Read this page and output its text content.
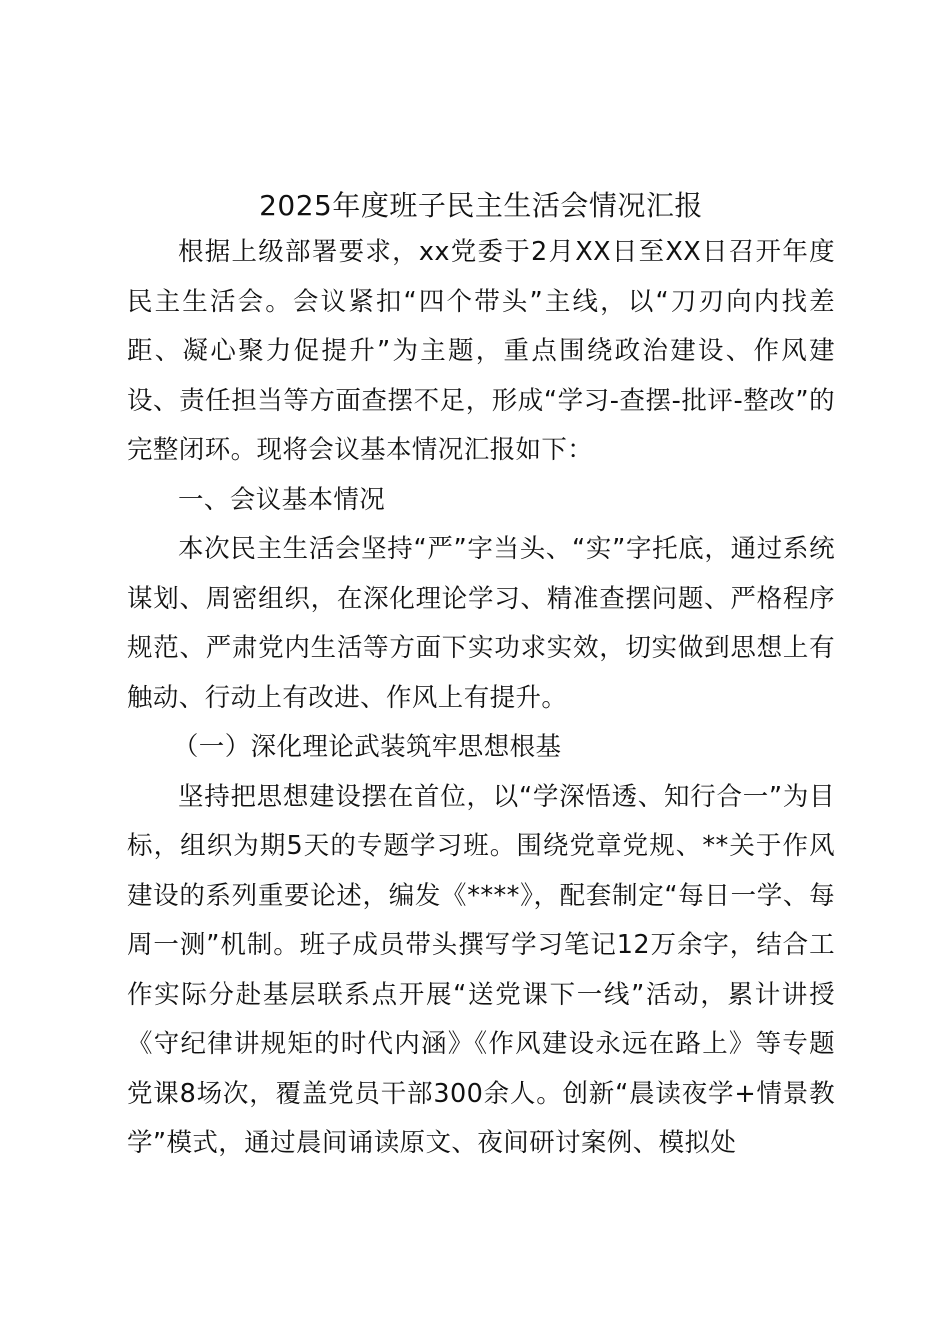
2025年度班子民主生活会情况汇报

根据上级部署要求，xx党委于2月XX日至XX日召开年度民主生活会。会议紧扣“四个带头”主线，以“刀刃向内找差距、凝心聚力促提升”为主题，重点围绕政治建设、作风建设、责任担当等方面查摆不足，形成“学习-查摆-批评-整改”的完整闭环。现将会议基本情况汇报如下：

一、会议基本情况

本次民主生活会坚持“严”字当头、“实”字托底，通过系统谋划、周密组织，在深化理论学习、精准查摆问题、严格程序规范、严肃党内生活等方面下实功求实效，切实做到思想上有触动、行动上有改进、作风上有提升。

（一）深化理论武装筑牢思想根基

坚持把思想建设摆在首位，以“学深悟透、知行合一”为目标，组织为期5天的专题学习班。围绕党章党规、**关于作风建设的系列重要论述，编发《****》，配套制定“每日一学、每周一测”机制。班子成员带头撰写学习笔记12万余字，结合工作实际分赴基层联系点开展“送党课下一线”活动，累计讲授《守纪律讲规矩的时代内涵》《作风建设永远在路上》等专题党课8场次，覆盖党员干部300余人。创新“晨读夜学+情景教学”模式，通过晨间诵读原文、夜间研讨案例、模拟处
